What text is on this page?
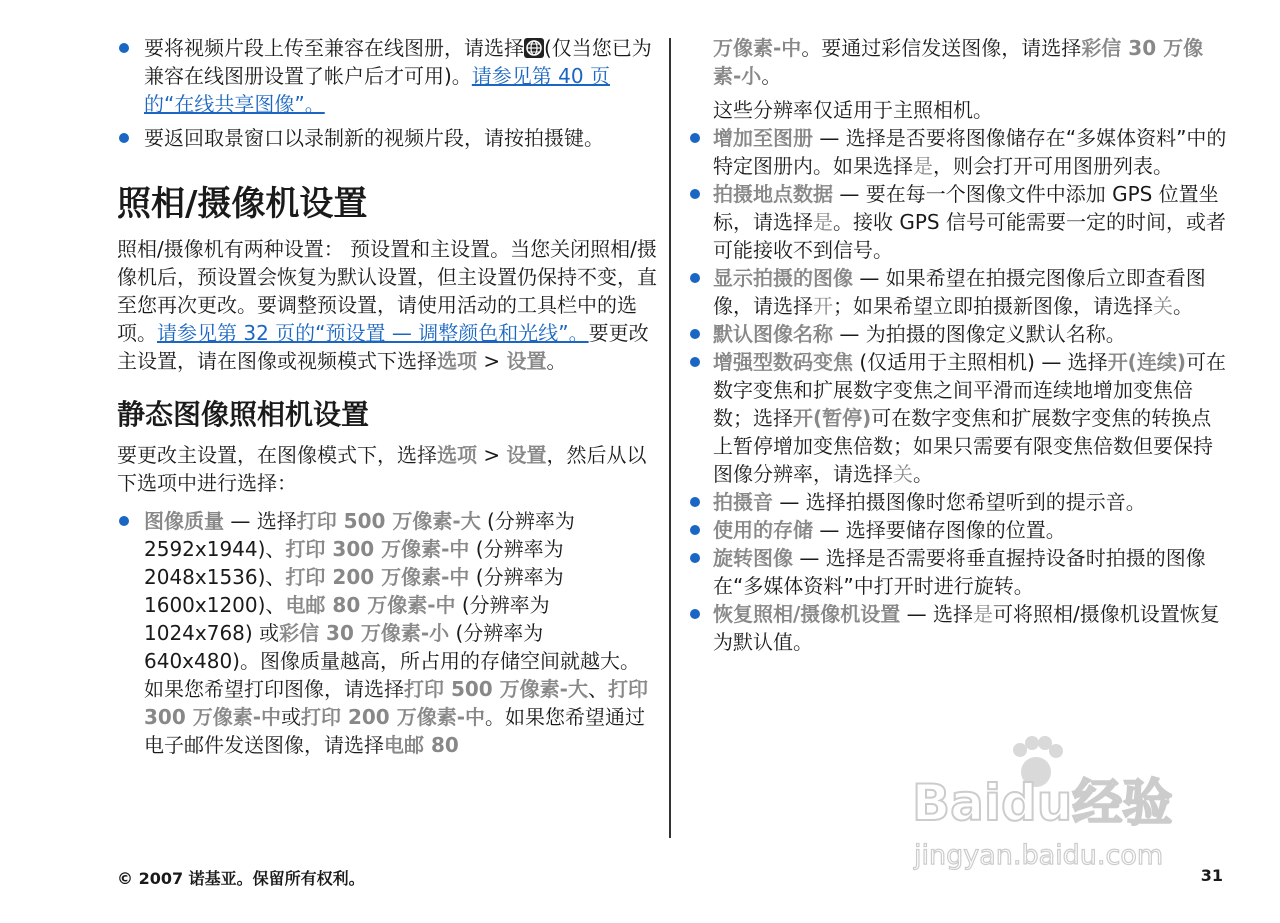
要将视频片段上传至兼容在线图册，请选择 (仅当您已为兼容在线图册设置了帐户后才可用)。请参见第 40 页的“在线共享图像”。
要返回取景窗口以录制新的视频片段，请按拍摄键。
照相/摄像机设置

照相/摄像机有两种设置： 预设置和主设置。当您关闭照相/摄像机后，预设置会恢复为默认设置，但主设置仍保持不变，直至您再次更改。要调整预设置，请使用活动的工具栏中的选项。请参见第 32 页的“预设置 — 调整颜色和光线”。要更改主设置，请在图像或视频模式下选择选项 > 设置。

静态图像照相机设置

要更改主设置，在图像模式下，选择选项 > 设置，然后从以下选项中进行选择：

图像质量 — 选择打印 500 万像素-大 (分辨率为 2592x1944)、打印 300 万像素-中 (分辨率为 2048x1536)、打印 200 万像素-中 (分辨率为 1600x1200)、电邮 80 万像素-中 (分辨率为 1024x768) 或彩信 30 万像素-小 (分辨率为 640x480)。图像质量越高，所占用的存储空间就越大。如果您希望打印图像，请选择打印 500 万像素-大、打印 300 万像素-中或打印 200 万像素-中。如果您希望通过电子邮件发送图像，请选择电邮 80

万像素-中。要通过彩信发送图像，请选择彩信 30 万像素-小。

这些分辨率仅适用于主照相机。

增加至图册 — 选择是否要将图像储存在“多媒体资料”中的特定图册内。如果选择是，则会打开可用图册列表。
拍摄地点数据 — 要在每一个图像文件中添加 GPS 位置坐标，请选择是。接收 GPS 信号可能需要一定的时间，或者可能接收不到信号。
显示拍摄的图像 — 如果希望在拍摄完图像后立即查看图像，请选择开；如果希望立即拍摄新图像，请选择关。
默认图像名称 — 为拍摄的图像定义默认名称。
增强型数码变焦 (仅适用于主照相机) — 选择开(连续)可在数字变焦和扩展数字变焦之间平滑而连续地增加变焦倍数；选择开(暂停)可在数字变焦和扩展数字变焦的转换点上暂停增加变焦倍数；如果只需要有限变焦倍数但要保持图像分辨率，请选择关。
拍摄音 — 选择拍摄图像时您希望听到的提示音。
使用的存储 — 选择要储存图像的位置。
旋转图像 — 选择是否需要将垂直握持设备时拍摄的图像在“多媒体资料”中打开时进行旋转。
恢复照相/摄像机设置 — 选择是可将照相/摄像机设置恢复为默认值。
Baidu经验
jingyan.baidu.com
© 2007 诺基亚。保留所有权利。	31
